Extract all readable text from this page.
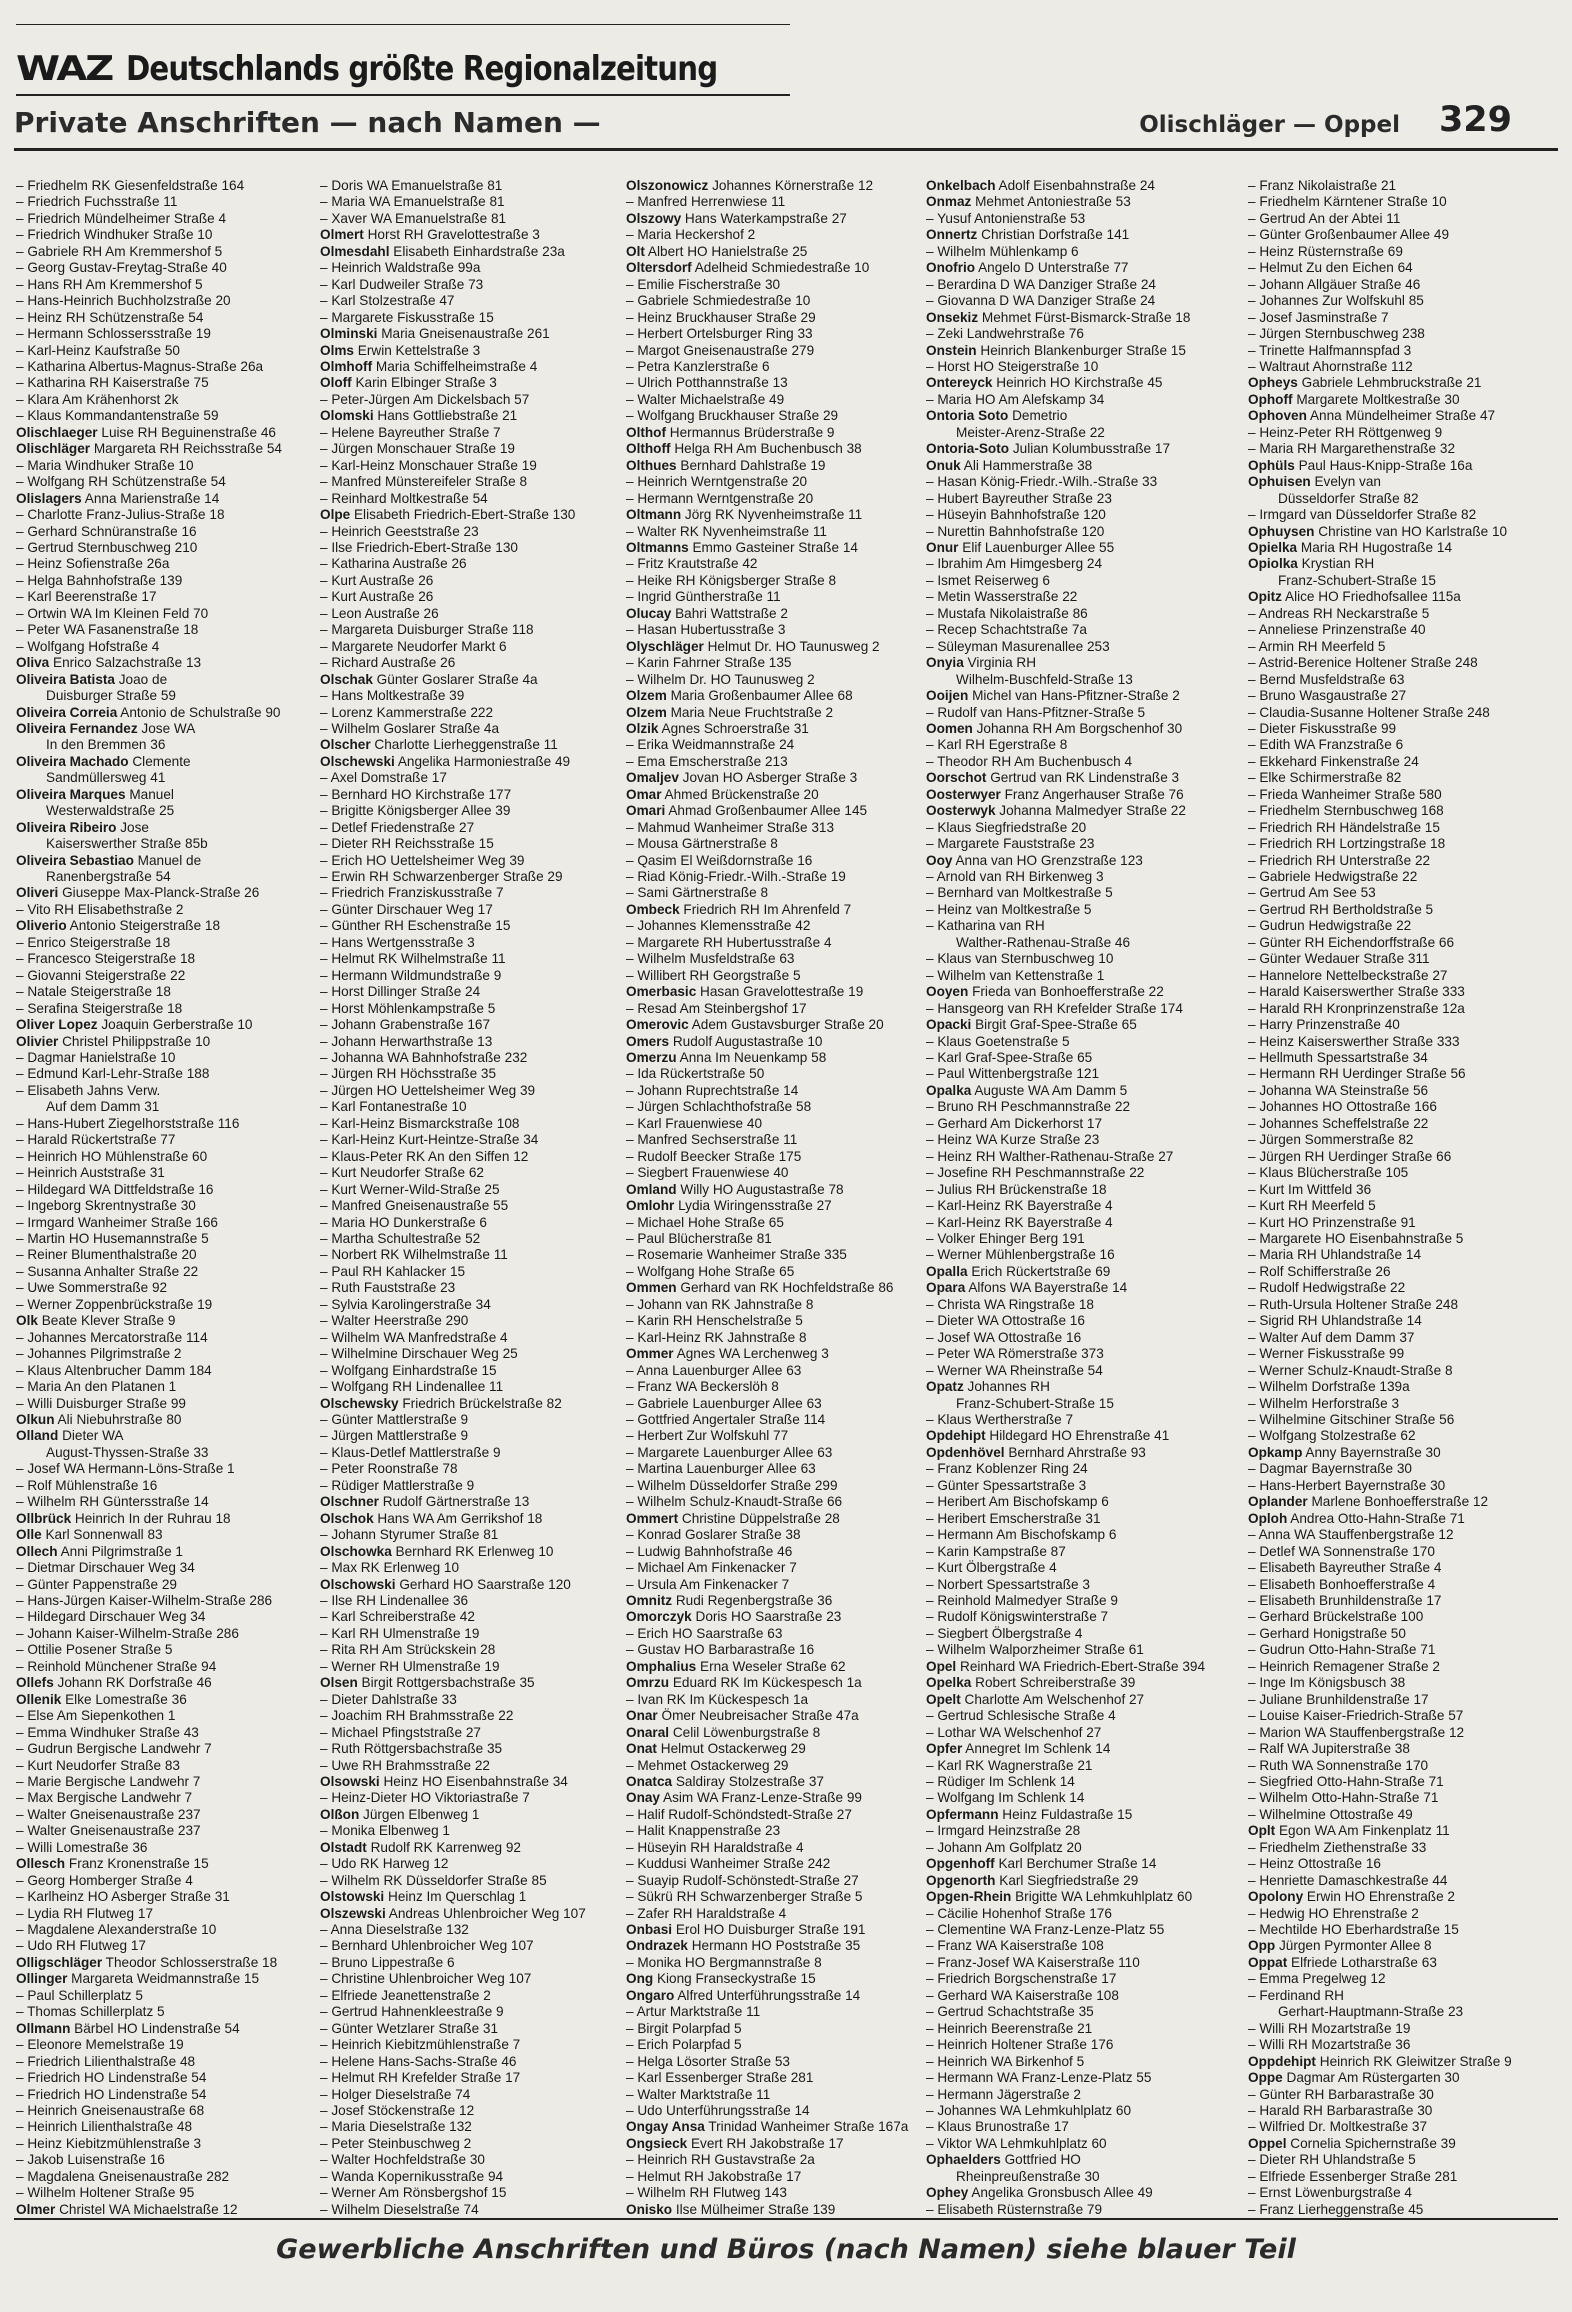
WAZ Deutschlands größte Regionalzeitung
Private Anschriften — nach Namen —	Olischläger — Oppel 329
– Friedhelm RK Giesenfeldstraße 164
– Friedrich Fuchsstraße 11
– Friedrich Mündelheimer Straße 4
– Friedrich Windhuker Straße 10
– Gabriele RH Am Kremmershof 5
– Georg Gustav-Freytag-Straße 40
– Hans RH Am Kremmershof 5
– Hans-Heinrich Buchholzstraße 20
– Heinz RH Schützenstraße 54
– Hermann Schlossersstraße 19
– Karl-Heinz Kaufstraße 50
– Katharina Albertus-Magnus-Straße 26a
– Katharina RH Kaiserstraße 75
– Klara Am Krähenhorst 2k
– Klaus Kommandantenstraße 59
Olischlaeger Luise RH Beguinenstraße 46
Olischläger Margareta RH Reichsstraße 54
– Maria Windhuker Straße 10
– Wolfgang RH Schützenstraße 54
Olislagers Anna Marienstraße 14
– Charlotte Franz-Julius-Straße 18
– Gerhard Schnüranstraße 16
– Gertrud Sternbuschweg 210
– Heinz Sofienstraße 26a
– Helga Bahnhofstraße 139
– Karl Beerenstraße 17
– Ortwin WA Im Kleinen Feld 70
– Peter WA Fasanenstraße 18
– Wolfgang Hofstraße 4
Oliva Enrico Salzachstraße 13
Oliveira Batista Joao de
Duisburger Straße 59
Oliveira Correia Antonio de Schulstraße 90
Oliveira Fernandez Jose WA
In den Bremmen 36
Oliveira Machado Clemente
Sandmüllersweg 41
Oliveira Marques Manuel
Westerwaldstraße 25
Oliveira Ribeiro Jose
Kaiserswerther Straße 85b
Oliveira Sebastiao Manuel de
Ranenbergstraße 54
Oliveri Giuseppe Max-Planck-Straße 26
– Vito RH Elisabethstraße 2
Oliverio Antonio Steigerstraße 18
– Enrico Steigerstraße 18
– Francesco Steigerstraße 18
– Giovanni Steigerstraße 22
– Natale Steigerstraße 18
– Serafina Steigerstraße 18
Oliver Lopez Joaquin Gerberstraße 10
Olivier Christel Philippstraße 10
– Dagmar Hanielstraße 10
– Edmund Karl-Lehr-Straße 188
– Elisabeth Jahns Verw.
Auf dem Damm 31
– Hans-Hubert Ziegelhorststraße 116
– Harald Rückertstraße 77
– Heinrich HO Mühlenstraße 60
– Heinrich Auststraße 31
– Hildegard WA Dittfeldstraße 16
– Ingeborg Skrentnystraße 30
– Irmgard Wanheimer Straße 166
– Martin HO Husemannstraße 5
– Reiner Blumenthalstraße 20
– Susanna Anhalter Straße 22
– Uwe Sommerstraße 92
– Werner Zoppenbrückstraße 19
Olk Beate Klever Straße 9
– Johannes Mercatorstraße 114
– Johannes Pilgrimstraße 2
– Klaus Altenbrucher Damm 184
– Maria An den Platanen 1
– Willi Duisburger Straße 99
Olkun Ali Niebuhrstraße 80
Olland Dieter WA
August-Thyssen-Straße 33
– Josef WA Hermann-Löns-Straße 1
– Rolf Mühlenstraße 16
– Wilhelm RH Güntersstraße 14
Ollbrück Heinrich In der Ruhrau 18
Olle Karl Sonnenwall 83
Ollech Anni Pilgrimstraße 1
– Dietmar Dirschauer Weg 34
– Günter Pappenstraße 29
– Hans-Jürgen Kaiser-Wilhelm-Straße 286
– Hildegard Dirschauer Weg 34
– Johann Kaiser-Wilhelm-Straße 286
– Ottilie Posener Straße 5
– Reinhold Münchener Straße 94
Ollefs Johann RK Dorfstraße 46
Ollenik Elke Lomestraße 36
– Else Am Siepenkothen 1
– Emma Windhuker Straße 43
– Gudrun Bergische Landwehr 7
– Kurt Neudorfer Straße 83
– Marie Bergische Landwehr 7
– Max Bergische Landwehr 7
– Walter Gneisenaustraße 237
– Walter Gneisenaustraße 237
– Willi Lomestraße 36
Ollesch Franz Kronenstraße 15
– Georg Homberger Straße 4
– Karlheinz HO Asberger Straße 31
– Lydia RH Flutweg 17
– Magdalene Alexanderstraße 10
– Udo RH Flutweg 17
Olligschläger Theodor Schlosserstraße 18
Ollinger Margareta Weidmannstraße 15
– Paul Schillerplatz 5
– Thomas Schillerplatz 5
Ollmann Bärbel HO Lindenstraße 54
– Eleonore Memelstraße 19
– Friedrich Lilienthalstraße 48
– Friedrich HO Lindenstraße 54
– Friedrich HO Lindenstraße 54
– Heinrich Gneisenaustraße 68
– Heinrich Lilienthalstraße 48
– Heinz Kiebitzmühlenstraße 3
– Jakob Luisenstraße 16
– Magdalena Gneisenaustraße 282
– Wilhelm Holtener Straße 95
Olmer Christel WA Michaelstraße 12
– Doris WA Emanuelstraße 81
– Maria WA Emanuelstraße 81
– Xaver WA Emanuelstraße 81
Olmert Horst RH Gravelottestraße 3
Olmesdahl Elisabeth Einhardstraße 23a
– Heinrich Waldstraße 99a
– Karl Dudweiler Straße 73
– Karl Stolzestraße 47
– Margarete Fiskusstraße 15
Olminski Maria Gneisenaustraße 261
Olms Erwin Kettelstraße 3
Olmhoff Maria Schiffelheimstraße 4
Oloff Karin Elbinger Straße 3
– Peter-Jürgen Am Dickelsbach 57
Olomski Hans Gottliebstraße 21
– Helene Bayreuther Straße 7
– Jürgen Monschauer Straße 19
– Karl-Heinz Monschauer Straße 19
– Manfred Münstereifeler Straße 8
– Reinhard Moltkestraße 54
Olpe Elisabeth Friedrich-Ebert-Straße 130
– Heinrich Geeststraße 23
– Ilse Friedrich-Ebert-Straße 130
– Katharina Austraße 26
– Kurt Austraße 26
– Kurt Austraße 26
– Leon Austraße 26
– Margareta Duisburger Straße 118
– Margarete Neudorfer Markt 6
– Richard Austraße 26
Olschak Günter Goslarer Straße 4a
– Hans Moltkestraße 39
– Lorenz Kammerstraße 222
– Wilhelm Goslarer Straße 4a
Olscher Charlotte Lierheggenstraße 11
Olschewski Angelika Harmoniestraße 49
– Axel Domstraße 17
– Bernhard HO Kirchstraße 177
– Brigitte Königsberger Allee 39
– Detlef Friedenstraße 27
– Dieter RH Reichsstraße 15
– Erich HO Uettelsheimer Weg 39
– Erwin RH Schwarzenberger Straße 29
– Friedrich Franziskusstraße 7
– Günter Dirschauer Weg 17
– Günther RH Eschenstraße 15
– Hans Wertgensstraße 3
– Helmut RK Wilhelmstraße 11
– Hermann Wildmundstraße 9
– Horst Dillinger Straße 24
– Horst Möhlenkampstraße 5
– Johann Grabenstraße 167
– Johann Herwarthstraße 13
– Johanna WA Bahnhofstraße 232
– Jürgen RH Höchsstraße 35
– Jürgen HO Uettelsheimer Weg 39
– Karl Fontanestraße 10
– Karl-Heinz Bismarckstraße 108
– Karl-Heinz Kurt-Heintze-Straße 34
– Klaus-Peter RK An den Siffen 12
– Kurt Neudorfer Straße 62
– Kurt Werner-Wild-Straße 25
– Manfred Gneisenaustraße 55
– Maria HO Dunkerstraße 6
– Martha Schultestraße 52
– Norbert RK Wilhelmstraße 11
– Paul RH Kahlacker 15
– Ruth Fauststraße 23
– Sylvia Karolingerstraße 34
– Walter Heerstraße 290
– Wilhelm WA Manfredstraße 4
– Wilhelmine Dirschauer Weg 25
– Wolfgang Einhardstraße 15
– Wolfgang RH Lindenallee 11
Olschewsky Friedrich Brückelstraße 82
– Günter Mattlerstraße 9
– Jürgen Mattlerstraße 9
– Klaus-Detlef Mattlerstraße 9
– Peter Roonstraße 78
– Rüdiger Mattlerstraße 9
Olschner Rudolf Gärtnerstraße 13
Olschok Hans WA Am Gerrikshof 18
– Johann Styrumer Straße 81
Olschowka Bernhard RK Erlenweg 10
– Max RK Erlenweg 10
Olschowski Gerhard HO Saarstraße 120
– Ilse RH Lindenallee 36
– Karl Schreiberstraße 42
– Karl RH Ulmenstraße 19
– Rita RH Am Strückskein 28
– Werner RH Ulmenstraße 19
Olsen Birgit Rottgersbachstraße 35
– Dieter Dahlstraße 33
– Joachim RH Brahmsstraße 22
– Michael Pfingststraße 27
– Ruth Röttgersbachstraße 35
– Uwe RH Brahmsstraße 22
Olsowski Heinz HO Eisenbahnstraße 34
– Heinz-Dieter HO Viktoriastraße 7
Olßon Jürgen Elbenweg 1
– Monika Elbenweg 1
Olstadt Rudolf RK Karrenweg 92
– Udo RK Harweg 12
– Wilhelm RK Düsseldorfer Straße 85
Olstowski Heinz Im Querschlag 1
Olszewski Andreas Uhlenbroicher Weg 107
– Anna Dieselstraße 132
– Bernhard Uhlenbroicher Weg 107
– Bruno Lippestraße 6
– Christine Uhlenbroicher Weg 107
– Elfriede Jeanettenstraße 2
– Gertrud Hahnenkleestraße 9
– Günter Wetzlarer Straße 31
– Heinrich Kiebitzmühlenstraße 7
– Helene Hans-Sachs-Straße 46
– Helmut RH Krefelder Straße 17
– Holger Dieselstraße 74
– Josef Stöckenstraße 12
– Maria Dieselstraße 132
– Peter Steinbuschweg 2
– Walter Hochfeldstraße 30
– Wanda Kopernikusstraße 94
– Werner Am Rönsbergshof 15
– Wilhelm Dieselstraße 74
Olszonowicz Johannes Körnerstraße 12
– Manfred Herrenwiese 11
Olszowy Hans Waterkampstraße 27
– Maria Heckershof 2
Olt Albert HO Hanielstraße 25
Oltersdorf Adelheid Schmiedestraße 10
– Emilie Fischerstraße 30
– Gabriele Schmiedestraße 10
– Heinz Bruckhauser Straße 29
– Herbert Ortelsburger Ring 33
– Margot Gneisenaustraße 279
– Petra Kanzlerstraße 6
– Ulrich Potthannstraße 13
– Walter Michaelstraße 49
– Wolfgang Bruckhauser Straße 29
Olthof Hermannus Brüderstraße 9
Olthoff Helga RH Am Buchenbusch 38
Olthues Bernhard Dahlstraße 19
– Heinrich Werntgenstraße 20
– Hermann Werntgenstraße 20
Oltmann Jörg RK Nyvenheimstraße 11
– Walter RK Nyvenheimstraße 11
Oltmanns Emmo Gasteiner Straße 14
– Fritz Krautstraße 42
– Heike RH Königsberger Straße 8
– Ingrid Güntherstraße 11
Olucay Bahri Wattstraße 2
– Hasan Hubertusstraße 3
Olyschläger Helmut Dr. HO Taunusweg 2
– Karin Fahrner Straße 135
– Wilhelm Dr. HO Taunusweg 2
Olzem Maria Großenbaumer Allee 68
Olzem Maria Neue Fruchtstraße 2
Olzik Agnes Schroerstraße 31
– Erika Weidmannstraße 24
– Ema Emscherstraße 213
Omaljev Jovan HO Asberger Straße 3
Omar Ahmed Brückenstraße 20
Omari Ahmad Großenbaumer Allee 145
– Mahmud Wanheimer Straße 313
– Mousa Gärtnerstraße 8
– Qasim El Weißdornstraße 16
– Riad König-Friedr.-Wilh.-Straße 19
– Sami Gärtnerstraße 8
Ombeck Friedrich RH Im Ahrenfeld 7
– Johannes Klemensstraße 42
– Margarete RH Hubertusstraße 4
– Wilhelm Musfeldstraße 63
– Willibert RH Georgstraße 5
Omerbasic Hasan Gravelottestraße 19
– Resad Am Steinbergshof 17
Omerovic Adem Gustavsburger Straße 20
Omers Rudolf Augustastraße 10
Omerzu Anna Im Neuenkamp 58
– Ida Rückertstraße 50
– Johann Ruprechtstraße 14
– Jürgen Schlachthofstraße 58
– Karl Frauenwiese 40
– Manfred Sechserstraße 11
– Rudolf Beecker Straße 175
– Siegbert Frauenwiese 40
Omland Willy HO Augustastraße 78
Omlohr Lydia Wiringensstraße 27
– Michael Hohe Straße 65
– Paul Blücherstraße 81
– Rosemarie Wanheimer Straße 335
– Wolfgang Hohe Straße 65
Ommen Gerhard van RK Hochfeldstraße 86
– Johann van RK Jahnstraße 8
– Karin RH Henschelstraße 5
– Karl-Heinz RK Jahnstraße 8
Ommer Agnes WA Lerchenweg 3
– Anna Lauenburger Allee 63
– Franz WA Beckerslöh 8
– Gabriele Lauenburger Allee 63
– Gottfried Angertaler Straße 114
– Herbert Zur Wolfskuhl 77
– Margarete Lauenburger Allee 63
– Martina Lauenburger Allee 63
– Wilhelm Düsseldorfer Straße 299
– Wilhelm Schulz-Knaudt-Straße 66
Ommert Christine Düppelstraße 28
– Konrad Goslarer Straße 38
– Ludwig Bahnhofstraße 46
– Michael Am Finkenacker 7
– Ursula Am Finkenacker 7
Omnitz Rudi Regenbergstraße 36
Omorczyk Doris HO Saarstraße 23
– Erich HO Saarstraße 63
– Gustav HO Barbarastraße 16
Omphalius Erna Weseler Straße 62
Omrzu Eduard RK Im Kückespesch 1a
– Ivan RK Im Kückespesch 1a
Onar Ömer Neubreisacher Straße 47a
Onaral Celil Löwenburgstraße 8
Onat Helmut Ostackerweg 29
– Mehmet Ostackerweg 29
Onatca Saldiray Stolzestraße 37
Onay Asim WA Franz-Lenze-Straße 99
– Halif Rudolf-Schöndstedt-Straße 27
– Halit Knappenstraße 23
– Hüseyin RH Haraldstraße 4
– Kuddusi Wanheimer Straße 242
– Suayip Rudolf-Schönstedt-Straße 27
– Sükrü RH Schwarzenberger Straße 5
– Zafer RH Haraldstraße 4
Onbasi Erol HO Duisburger Straße 191
Ondrazek Hermann HO Poststraße 35
– Monika HO Bergmannstraße 8
Ong Kiong Franseckystraße 15
Ongaro Alfred Unterführungsstraße 14
– Artur Marktstraße 11
– Birgit Polarpfad 5
– Erich Polarpfad 5
– Helga Lösorter Straße 53
– Karl Essenberger Straße 281
– Walter Marktstraße 11
– Udo Unterführungsstraße 14
Ongay Ansa Trinidad Wanheimer Straße 167a
Ongsieck Evert RH Jakobstraße 17
– Heinrich RH Gustavstraße 2a
– Helmut RH Jakobstraße 17
– Wilhelm RH Flutweg 143
Onisko Ilse Mülheimer Straße 139
Onkelbach Adolf Eisenbahnstraße 24
Onmaz Mehmet Antoniestraße 53
– Yusuf Antonienstraße 53
Onnertz Christian Dorfstraße 141
– Wilhelm Mühlenkamp 6
Onofrio Angelo D Unterstraße 77
– Berardina D WA Danziger Straße 24
– Giovanna D WA Danziger Straße 24
Onsekiz Mehmet Fürst-Bismarck-Straße 18
– Zeki Landwehrstraße 76
Onstein Heinrich Blankenburger Straße 15
– Horst HO Steigerstraße 10
Ontereyck Heinrich HO Kirchstraße 45
– Maria HO Am Alefskamp 34
Ontoria Soto Demetrio
Meister-Arenz-Straße 22
Ontoria-Soto Julian Kolumbusstraße 17
Onuk Ali Hammerstraße 38
– Hasan König-Friedr.-Wilh.-Straße 33
– Hubert Bayreuther Straße 23
– Hüseyin Bahnhofstraße 120
– Nurettin Bahnhofstraße 120
Onur Elif Lauenburger Allee 55
– Ibrahim Am Himgesberg 24
– Ismet Reiserweg 6
– Metin Wasserstraße 22
– Mustafa Nikolaistraße 86
– Recep Schachtstraße 7a
– Süleyman Masurenallee 253
Onyia Virginia RH
Wilhelm-Buschfeld-Straße 13
Ooijen Michel van Hans-Pfitzner-Straße 2
– Rudolf van Hans-Pfitzner-Straße 5
Oomen Johanna RH Am Borgschenhof 30
– Karl RH Egerstraße 8
– Theodor RH Am Buchenbusch 4
Oorschot Gertrud van RK Lindenstraße 3
Oosterwyer Franz Angerhauser Straße 76
Oosterwyk Johanna Malmedyer Straße 22
– Klaus Siegfriedstraße 20
– Margarete Fauststraße 23
Ooy Anna van HO Grenzstraße 123
– Arnold van RH Birkenweg 3
– Bernhard van Moltkestraße 5
– Heinz van Moltkestraße 5
– Katharina van RH
Walther-Rathenau-Straße 46
– Klaus van Sternbuschweg 10
– Wilhelm van Kettenstraße 1
Ooyen Frieda van Bonhoefferstraße 22
– Hansgeorg van RH Krefelder Straße 174
Opacki Birgit Graf-Spee-Straße 65
– Klaus Goetenstraße 5
– Karl Graf-Spee-Straße 65
– Paul Wittenbergstraße 121
Opalka Auguste WA Am Damm 5
– Bruno RH Peschmannstraße 22
– Gerhard Am Dickerhorst 17
– Heinz WA Kurze Straße 23
– Heinz RH Walther-Rathenau-Straße 27
– Josefine RH Peschmannstraße 22
– Julius RH Brückenstraße 18
– Karl-Heinz RK Bayerstraße 4
– Karl-Heinz RK Bayerstraße 4
– Volker Ehinger Berg 191
– Werner Mühlenbergstraße 16
Opalla Erich Rückertstraße 69
Opara Alfons WA Bayerstraße 14
– Christa WA Ringstraße 18
– Dieter WA Ottostraße 16
– Josef WA Ottostraße 16
– Peter WA Römerstraße 373
– Werner WA Rheinstraße 54
Opatz Johannes RH
Franz-Schubert-Straße 15
– Klaus Wertherstraße 7
Opdehipt Hildegard HO Ehrenstraße 41
Opdenhövel Bernhard Ahrstraße 93
– Franz Koblenzer Ring 24
– Günter Spessartstraße 3
– Heribert Am Bischofskamp 6
– Heribert Emscherstraße 31
– Hermann Am Bischofskamp 6
– Karin Kampstraße 87
– Kurt Ölbergstraße 4
– Norbert Spessartstraße 3
– Reinhold Malmedyer Straße 9
– Rudolf Königswinterstraße 7
– Siegbert Ölbergstraße 4
– Wilhelm Walporzheimer Straße 61
Opel Reinhard WA Friedrich-Ebert-Straße 394
Opelka Robert Schreiberstraße 39
Opelt Charlotte Am Welschenhof 27
– Gertrud Schlesische Straße 4
– Lothar WA Welschenhof 27
Opfer Annegret Im Schlenk 14
– Karl RK Wagnerstraße 21
– Rüdiger Im Schlenk 14
– Wolfgang Im Schlenk 14
Opfermann Heinz Fuldastraße 15
– Irmgard Heinzstraße 28
– Johann Am Golfplatz 20
Opgenhoff Karl Berchumer Straße 14
Opgenorth Karl Siegfriedstraße 29
Opgen-Rhein Brigitte WA Lehmkuhlplatz 60
– Cäcilie Hohenhof Straße 176
– Clementine WA Franz-Lenze-Platz 55
– Franz WA Kaiserstraße 108
– Franz-Josef WA Kaiserstraße 110
– Friedrich Borgschenstraße 17
– Gerhard WA Kaiserstraße 108
– Gertrud Schachtstraße 35
– Heinrich Beerenstraße 21
– Heinrich Holtener Straße 176
– Heinrich WA Birkenhof 5
– Hermann WA Franz-Lenze-Platz 55
– Hermann Jägerstraße 2
– Johannes WA Lehmkuhlplatz 60
– Klaus Brunostraße 17
– Viktor WA Lehmkuhlplatz 60
Ophaelders Gottfried HO
Rheinpreußenstraße 30
Ophey Angelika Gronsbusch Allee 49
– Elisabeth Rüsternstraße 79
– Franz Nikolaistraße 21
– Friedhelm Kärntener Straße 10
– Gertrud An der Abtei 11
– Günter Großenbaumer Allee 49
– Heinz Rüsternstraße 69
– Helmut Zu den Eichen 64
– Johann Allgäuer Straße 46
– Johannes Zur Wolfskuhl 85
– Josef Jasminstraße 7
– Jürgen Sternbuschweg 238
– Trinette Halfmannspfad 3
– Waltraut Ahornstraße 112
Opheys Gabriele Lehmbruckstraße 21
Ophoff Margarete Moltkestraße 30
Ophoven Anna Mündelheimer Straße 47
– Heinz-Peter RH Röttgenweg 9
– Maria RH Margarethenstraße 32
Ophüls Paul Haus-Knipp-Straße 16a
Ophuisen Evelyn van
Düsseldorfer Straße 82
– Irmgard van Düsseldorfer Straße 82
Ophuysen Christine van HO Karlstraße 10
Opielka Maria RH Hugostraße 14
Opiolka Krystian RH
Franz-Schubert-Straße 15
Opitz Alice HO Friedhofsallee 115a
– Andreas RH Neckarstraße 5
– Anneliese Prinzenstraße 40
– Armin RH Meerfeld 5
– Astrid-Berenice Holtener Straße 248
– Bernd Musfeldstraße 63
– Bruno Wasgaustraße 27
– Claudia-Susanne Holtener Straße 248
– Dieter Fiskusstraße 99
– Edith WA Franzstraße 6
– Ekkehard Finkenstraße 24
– Elke Schirmerstraße 82
– Frieda Wanheimer Straße 580
– Friedhelm Sternbuschweg 168
– Friedrich RH Händelstraße 15
– Friedrich RH Lortzingstraße 18
– Friedrich RH Unterstraße 22
– Gabriele Hedwigstraße 22
– Gertrud Am See 53
– Gertrud RH Bertholdstraße 5
– Gudrun Hedwigstraße 22
– Günter RH Eichendorffstraße 66
– Günter Wedauer Straße 311
– Hannelore Nettelbeckstraße 27
– Harald Kaiserswerther Straße 333
– Harald RH Kronprinzenstraße 12a
– Harry Prinzenstraße 40
– Heinz Kaiserswerther Straße 333
– Hellmuth Spessartstraße 34
– Hermann RH Uerdinger Straße 56
– Johanna WA Steinstraße 56
– Johannes HO Ottostraße 166
– Johannes Scheffelstraße 22
– Jürgen Sommerstraße 82
– Jürgen RH Uerdinger Straße 66
– Klaus Blücherstraße 105
– Kurt Im Wittfeld 36
– Kurt RH Meerfeld 5
– Kurt HO Prinzenstraße 91
– Margarete HO Eisenbahnstraße 5
– Maria RH Uhlandstraße 14
– Rolf Schifferstraße 26
– Rudolf Hedwigstraße 22
– Ruth-Ursula Holtener Straße 248
– Sigrid RH Uhlandstraße 14
– Walter Auf dem Damm 37
– Werner Fiskusstraße 99
– Werner Schulz-Knaudt-Straße 8
– Wilhelm Dorfstraße 139a
– Wilhelm Herforstraße 3
– Wilhelmine Gitschiner Straße 56
– Wolfgang Stolzestraße 62
Opkamp Anny Bayernstraße 30
– Dagmar Bayernstraße 30
– Hans-Herbert Bayernstraße 30
Oplander Marlene Bonhoefferstraße 12
Oploh Andrea Otto-Hahn-Straße 71
– Anna WA Stauffenbergstraße 12
– Detlef WA Sonnenstraße 170
– Elisabeth Bayreuther Straße 4
– Elisabeth Bonhoefferstraße 4
– Elisabeth Brunhildenstraße 17
– Gerhard Brückelstraße 100
– Gerhard Honigstraße 50
– Gudrun Otto-Hahn-Straße 71
– Heinrich Remagener Straße 2
– Inge Im Königsbusch 38
– Juliane Brunhildenstraße 17
– Louise Kaiser-Friedrich-Straße 57
– Marion WA Stauffenbergstraße 12
– Ralf WA Jupiterstraße 38
– Ruth WA Sonnenstraße 170
– Siegfried Otto-Hahn-Straße 71
– Wilhelm Otto-Hahn-Straße 71
– Wilhelmine Ottostraße 49
Oplt Egon WA Am Finkenplatz 11
– Friedhelm Ziethenstraße 33
– Heinz Ottostraße 16
– Henriette Damaschkestraße 44
Opolony Erwin HO Ehrenstraße 2
– Hedwig HO Ehrenstraße 2
– Mechtilde HO Eberhardstraße 15
Opp Jürgen Pyrmonter Allee 8
Oppat Elfriede Lotharstraße 63
– Emma Pregelweg 12
– Ferdinand RH
Gerhart-Hauptmann-Straße 23
– Willi RH Mozartstraße 19
– Willi RH Mozartstraße 36
Oppdehipt Heinrich RK Gleiwitzer Straße 9
Oppe Dagmar Am Rüstergarten 30
– Günter RH Barbarastraße 30
– Harald RH Barbarastraße 30
– Wilfried Dr. Moltkestraße 37
Oppel Cornelia Spichernstraße 39
– Dieter RH Uhlandstraße 5
– Elfriede Essenberger Straße 281
– Ernst Löwenburgstraße 4
– Franz Lierheggenstraße 45
Gewerbliche Anschriften und Büros (nach Namen) siehe blauer Teil
